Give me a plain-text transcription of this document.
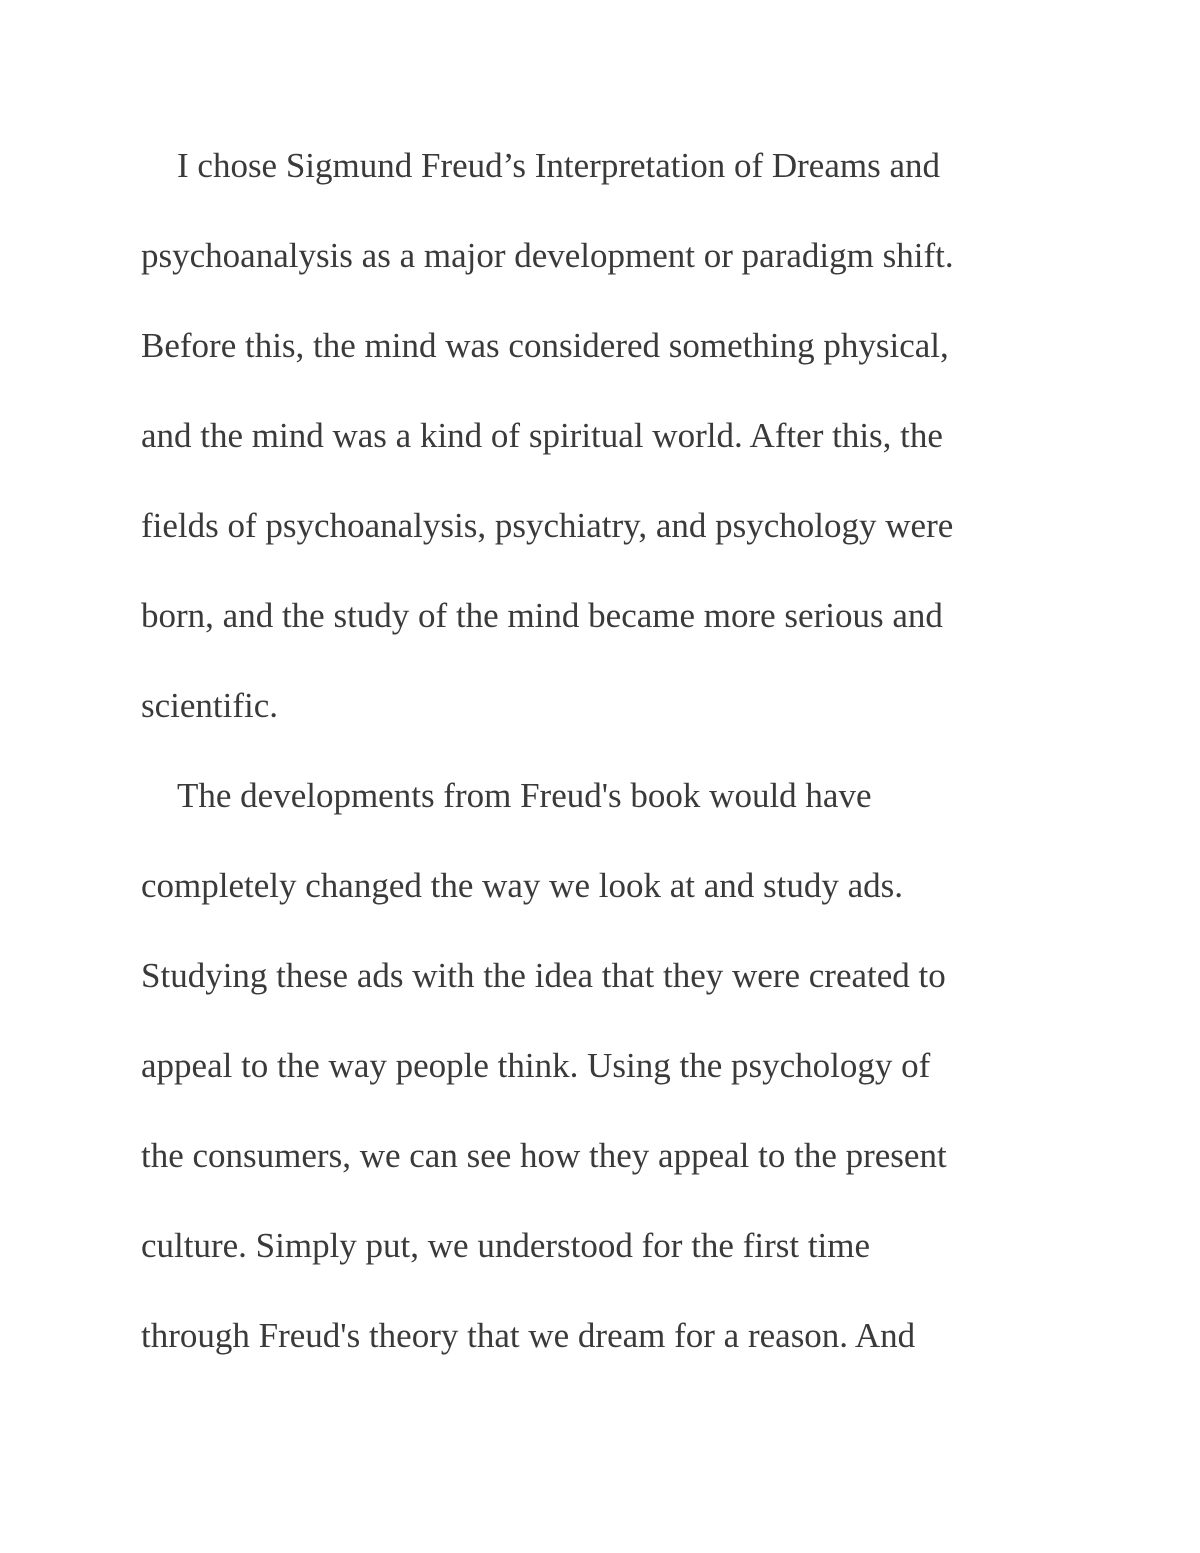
I chose Sigmund Freud’s Interpretation of Dreams and
psychoanalysis as a major development or paradigm shift.
Before this, the mind was considered something physical,
and the mind was a kind of spiritual world. After this, the
fields of psychoanalysis, psychiatry, and psychology were
born, and the study of the mind became more serious and
scientific.
The developments from Freud's book would have
completely changed the way we look at and study ads.
Studying these ads with the idea that they were created to
appeal to the way people think. Using the psychology of
the consumers, we can see how they appeal to the present
culture. Simply put, we understood for the first time
through Freud's theory that we dream for a reason. And
